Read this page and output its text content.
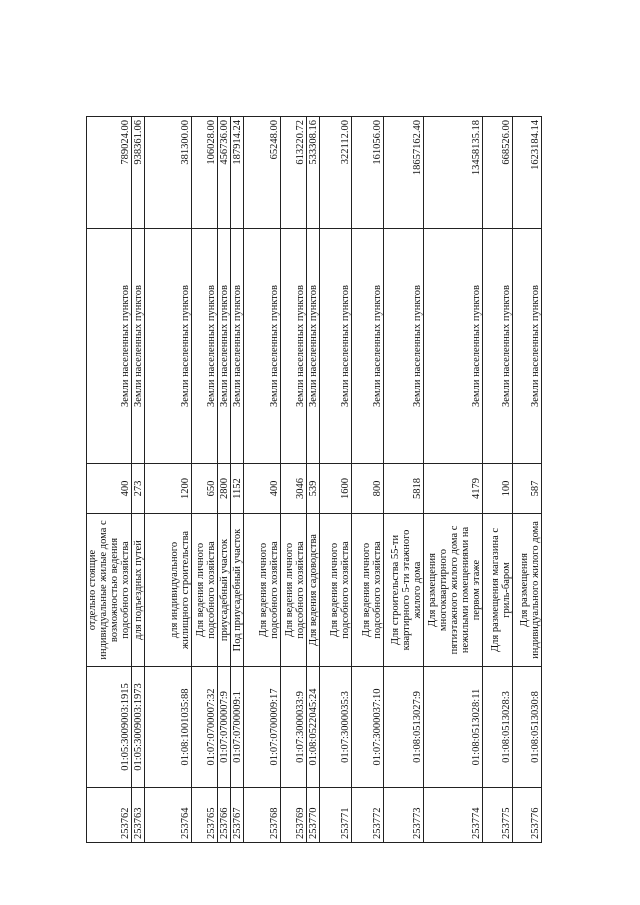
253762	01:05:3009003:1915	отдельно стоящие индивидуальные жилые дома с возможностью ведения подсобного хозяйства	400	Земли населенных пунктов	789024.00
253763	01:05:3009003:1973	для подъездных путей	273	Земли населенных пунктов	938361.06
253764	01:08:1001035:88	для индивидуального жилищного строительства	1200	Земли населенных пунктов	381300.00
253765	01:07:0700007:32	Для ведения личного подсобного хозяйства	650	Земли населенных пунктов	106028.00
253766	01:07:0700007:9	приусадебный участок	2800	Земли населенных пунктов	456736.00
253767	01:07:0700009:1	Под приусадебный участок	1152	Земли населенных пунктов	187914.24
253768	01:07:0700009:17	Для ведения личного подсобного хозяйства	400	Земли населенных пунктов	65248.00
253769	01:07:3000033:9	Для ведения личного подсобного хозяйства	3046	Земли населенных пунктов	613220.72
253770	01:08:0522045:24	Для ведения садоводства	539	Земли населенных пунктов	533308.16
253771	01:07:3000035:3	Для ведения личного подсобного хозяйства	1600	Земли населенных пунктов	322112.00
253772	01:07:3000037:10	Для ведения личного подсобного хозяйства	800	Земли населенных пунктов	161056.00
253773	01:08:0513027:9	Для строительства 55-ти квартирного 5-ти этажного жилого дома	5818	Земли населенных пунктов	18657162.40
253774	01:08:0513028:11	Для размещения многоквартирного пятиэтажного жилого дома с нежилыми помещениями на первом этаже	4179	Земли населенных пунктов	13458135.18
253775	01:08:0513028:3	Для размещения магазина с гриль-баром	100	Земли населенных пунктов	668526.00
253776	01:08:0513030:8	Для размещения индивидуального жилого дома	587	Земли населенных пунктов	1623184.14
